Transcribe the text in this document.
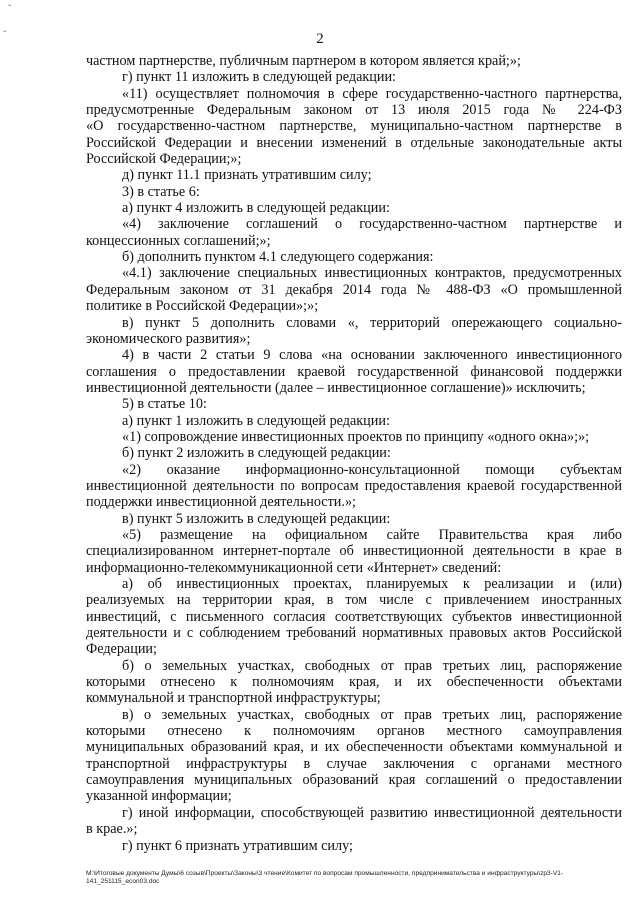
ˇ
ˇ	2
частном партнерстве, публичным партнером в котором является край;»;
г) пункт 11 изложить в следующей редакции:
«11) осуществляет полномочия в сфере государственно-частного партнерства,
предусмотренные Федеральным законом от 13 июля 2015 года № 224-ФЗ
«О государственно-частном партнерстве, муниципально-частном партнерстве в
Российской Федерации и внесении изменений в отдельные законодательные акты
Российской Федерации;»;
д) пункт 11.1 признать утратившим силу;
3) в статье 6:
а) пункт 4 изложить в следующей редакции:
«4) заключение соглашений о государственно-частном партнерстве и
концессионных соглашений;»;
б) дополнить пунктом 4.1 следующего содержания:
«4.1) заключение специальных инвестиционных контрактов, предусмотренных
Федеральным законом от 31 декабря 2014 года № 488-ФЗ «О промышленной
политике в Российской Федерации»;»;
в) пункт 5 дополнить словами «, территорий опережающего социально-
экономического развития»;
4) в части 2 статьи 9 слова «на основании заключенного инвестиционного
соглашения о предоставлении краевой государственной финансовой поддержки
инвестиционной деятельности (далее – инвестиционное соглашение)» исключить;
5) в статье 10:
а) пункт 1 изложить в следующей редакции:
«1) сопровождение инвестиционных проектов по принципу «одного окна»;»;
б) пункт 2 изложить в следующей редакции:
«2) оказание информационно-консультационной помощи субъектам
инвестиционной деятельности по вопросам предоставления краевой государственной
поддержки инвестиционной деятельности.»;
в) пункт 5 изложить в следующей редакции:
«5) размещение на официальном сайте Правительства края либо
специализированном интернет-портале об инвестиционной деятельности в крае в
информационно-телекоммуникационной сети «Интернет» сведений:
а) об инвестиционных проектах, планируемых к реализации и (или)
реализуемых на территории края, в том числе с привлечением иностранных
инвестиций, с письменного согласия соответствующих субъектов инвестиционной
деятельности и с соблюдением требований нормативных правовых актов Российской
Федерации;
б) о земельных участках, свободных от прав третьих лиц, распоряжение
которыми отнесено к полномочиям края, и их обеспеченности объектами
коммунальной и транспортной инфраструктуры;
в) о земельных участках, свободных от прав третьих лиц, распоряжение
которыми отнесено к полномочиям органов местного самоуправления
муниципальных образований края, и их обеспеченности объектами коммунальной и
транспортной инфраструктуры в случае заключения с органами местного
самоуправления муниципальных образований края соглашений о предоставлении
указанной информации;
г) иной информации, способствующей развитию инвестиционной деятельности
в крае.»;
г) пункт 6 признать утратившим силу;
M:\Итоговые документы Думы\6 созыв\Проекты\Законы\3 чтение\Комитет по вопросам промышленности, предпринимательства и инфраструктуры\zp3-V1-
141_251115_econ03.doc
